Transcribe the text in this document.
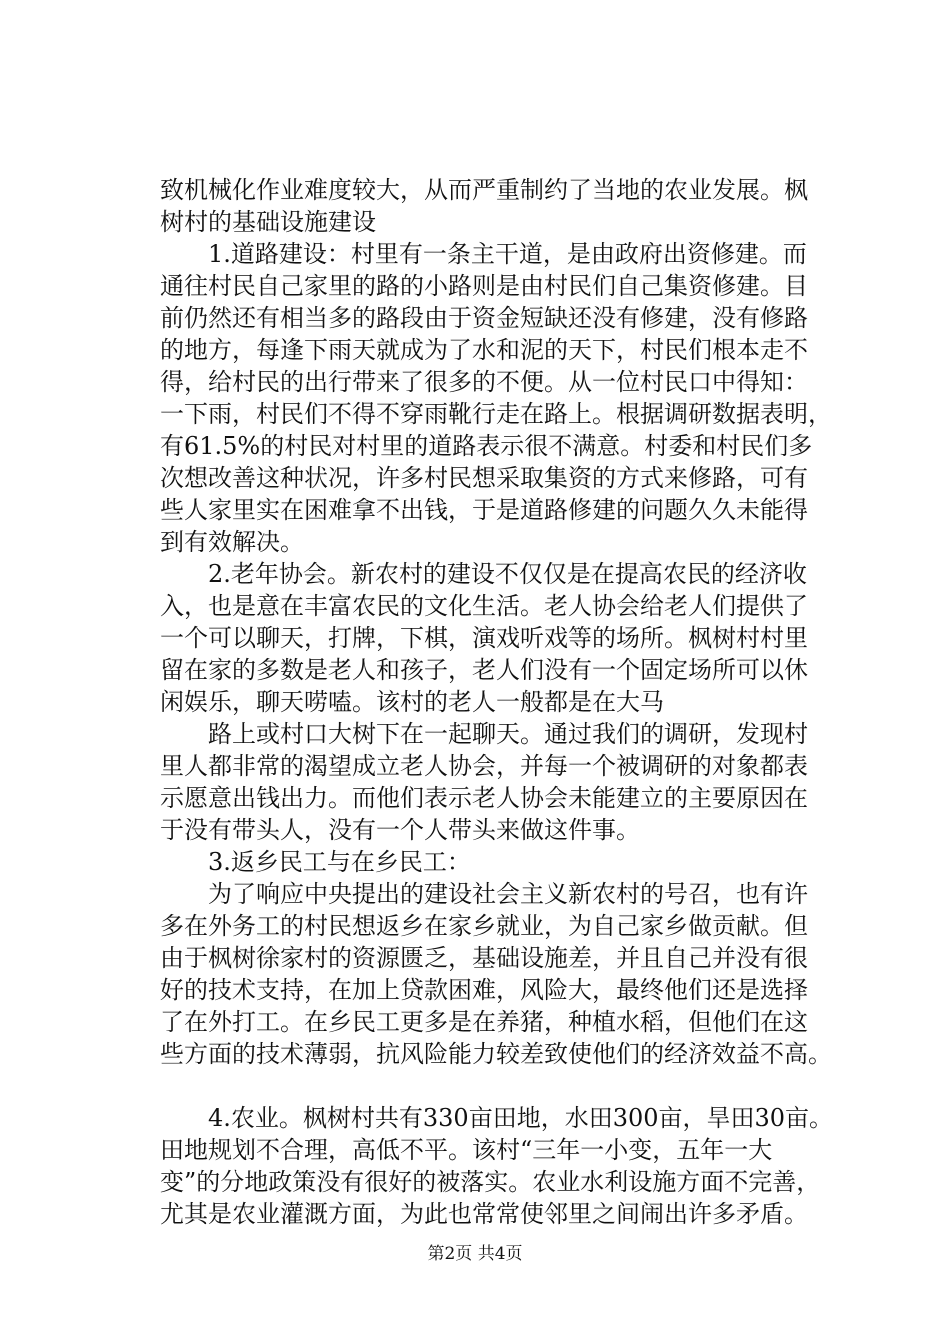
致机械化作业难度较大，从而严重制约了当地的农业发展。枫
树村的基础设施建设
　　1.道路建设：村里有一条主干道，是由政府出资修建。而
通往村民自己家里的路的小路则是由村民们自己集资修建。目
前仍然还有相当多的路段由于资金短缺还没有修建，没有修路
的地方，每逢下雨天就成为了水和泥的天下，村民们根本走不
得，给村民的出行带来了很多的不便。从一位村民口中得知：
一下雨，村民们不得不穿雨靴行走在路上。根据调研数据表明，
有61.5%的村民对村里的道路表示很不满意。村委和村民们多
次想改善这种状况，许多村民想采取集资的方式来修路，可有
些人家里实在困难拿不出钱，于是道路修建的问题久久未能得
到有效解决。
　　2.老年协会。新农村的建设不仅仅是在提高农民的经济收
入，也是意在丰富农民的文化生活。老人协会给老人们提供了
一个可以聊天，打牌，下棋，演戏听戏等的场所。枫树村村里
留在家的多数是老人和孩子，老人们没有一个固定场所可以休
闲娱乐，聊天唠嗑。该村的老人一般都是在大马
　　路上或村口大树下在一起聊天。通过我们的调研，发现村
里人都非常的渴望成立老人协会，并每一个被调研的对象都表
示愿意出钱出力。而他们表示老人协会未能建立的主要原因在
于没有带头人，没有一个人带头来做这件事。
　　3.返乡民工与在乡民工：
　　为了响应中央提出的建设社会主义新农村的号召，也有许
多在外务工的村民想返乡在家乡就业，为自己家乡做贡献。但
由于枫树徐家村的资源匮乏，基础设施差，并且自己并没有很
好的技术支持，在加上贷款困难，风险大，最终他们还是选择
了在外打工。在乡民工更多是在养猪，种植水稻，但他们在这
些方面的技术薄弱，抗风险能力较差致使他们的经济效益不高。
　　4.农业。枫树村共有330亩田地，水田300亩，旱田30亩。
田地规划不合理，高低不平。该村“三年一小变，五年一大
变”的分地政策没有很好的被落实。农业水利设施方面不完善，
尤其是农业灌溉方面，为此也常常使邻里之间闹出许多矛盾。
第2页 共4页
